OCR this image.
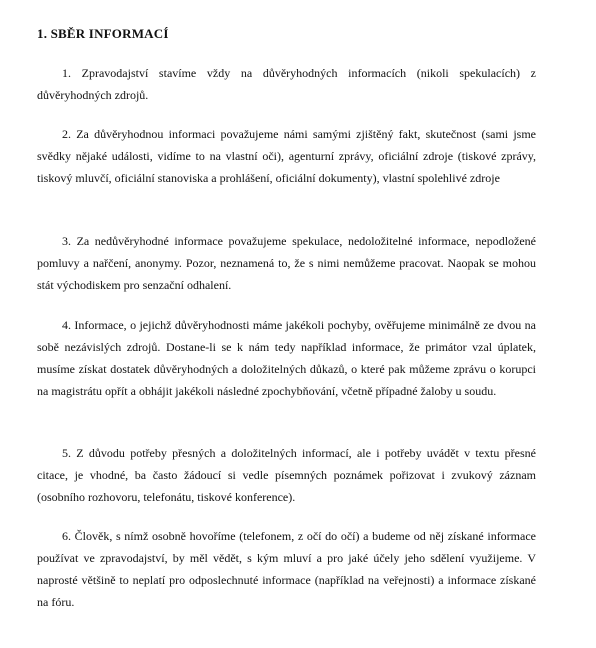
1. SBĚR INFORMACÍ

1. Zpravodajství stavíme vždy na důvěryhodných informacích (nikoli spekulacích) z důvěryhodných zdrojů.

2. Za důvěryhodnou informaci považujeme námi samými zjištěný fakt, skutečnost (sami jsme svědky nějaké události, vidíme to na vlastní oči), agenturní zprávy, oficiální zdroje (tiskové zprávy, tiskový mluvčí, oficiální stanoviska a prohlášení, oficiální dokumenty), vlastní spolehlivé zdroje

3. Za nedůvěryhodné informace považujeme spekulace, nedoložitelné informace, nepodložené pomluvy a nařčení, anonymy. Pozor, neznamená to, že s nimi nemůžeme pracovat. Naopak se mohou stát východiskem pro senzační odhalení.

4. Informace, o jejichž důvěryhodnosti máme jakékoli pochyby, ověřujeme minimálně ze dvou na sobě nezávislých zdrojů. Dostane-li se k nám tedy například informace, že primátor vzal úplatek, musíme získat dostatek důvěryhodných a doložitelných důkazů, o které pak můžeme zprávu o korupci na magistrátu opřít a obhájit jakékoli následné zpochybňování, včetně případné žaloby u soudu.

5. Z důvodu potřeby přesných a doložitelných informací, ale i potřeby uvádět v textu přesné citace, je vhodné, ba často žádoucí si vedle písemných poznámek pořizovat i zvukový záznam (osobního rozhovoru, telefonátu, tiskové konference).

6. Člověk, s nímž osobně hovoříme (telefonem, z očí do očí) a budeme od něj získané informace používat ve zpravodajství, by měl vědět, s kým mluví a pro jaké účely jeho sdělení využijeme. V naprosté většině to neplatí pro odposlechnuté informace (například na veřejnosti) a informace získané na fóru.
